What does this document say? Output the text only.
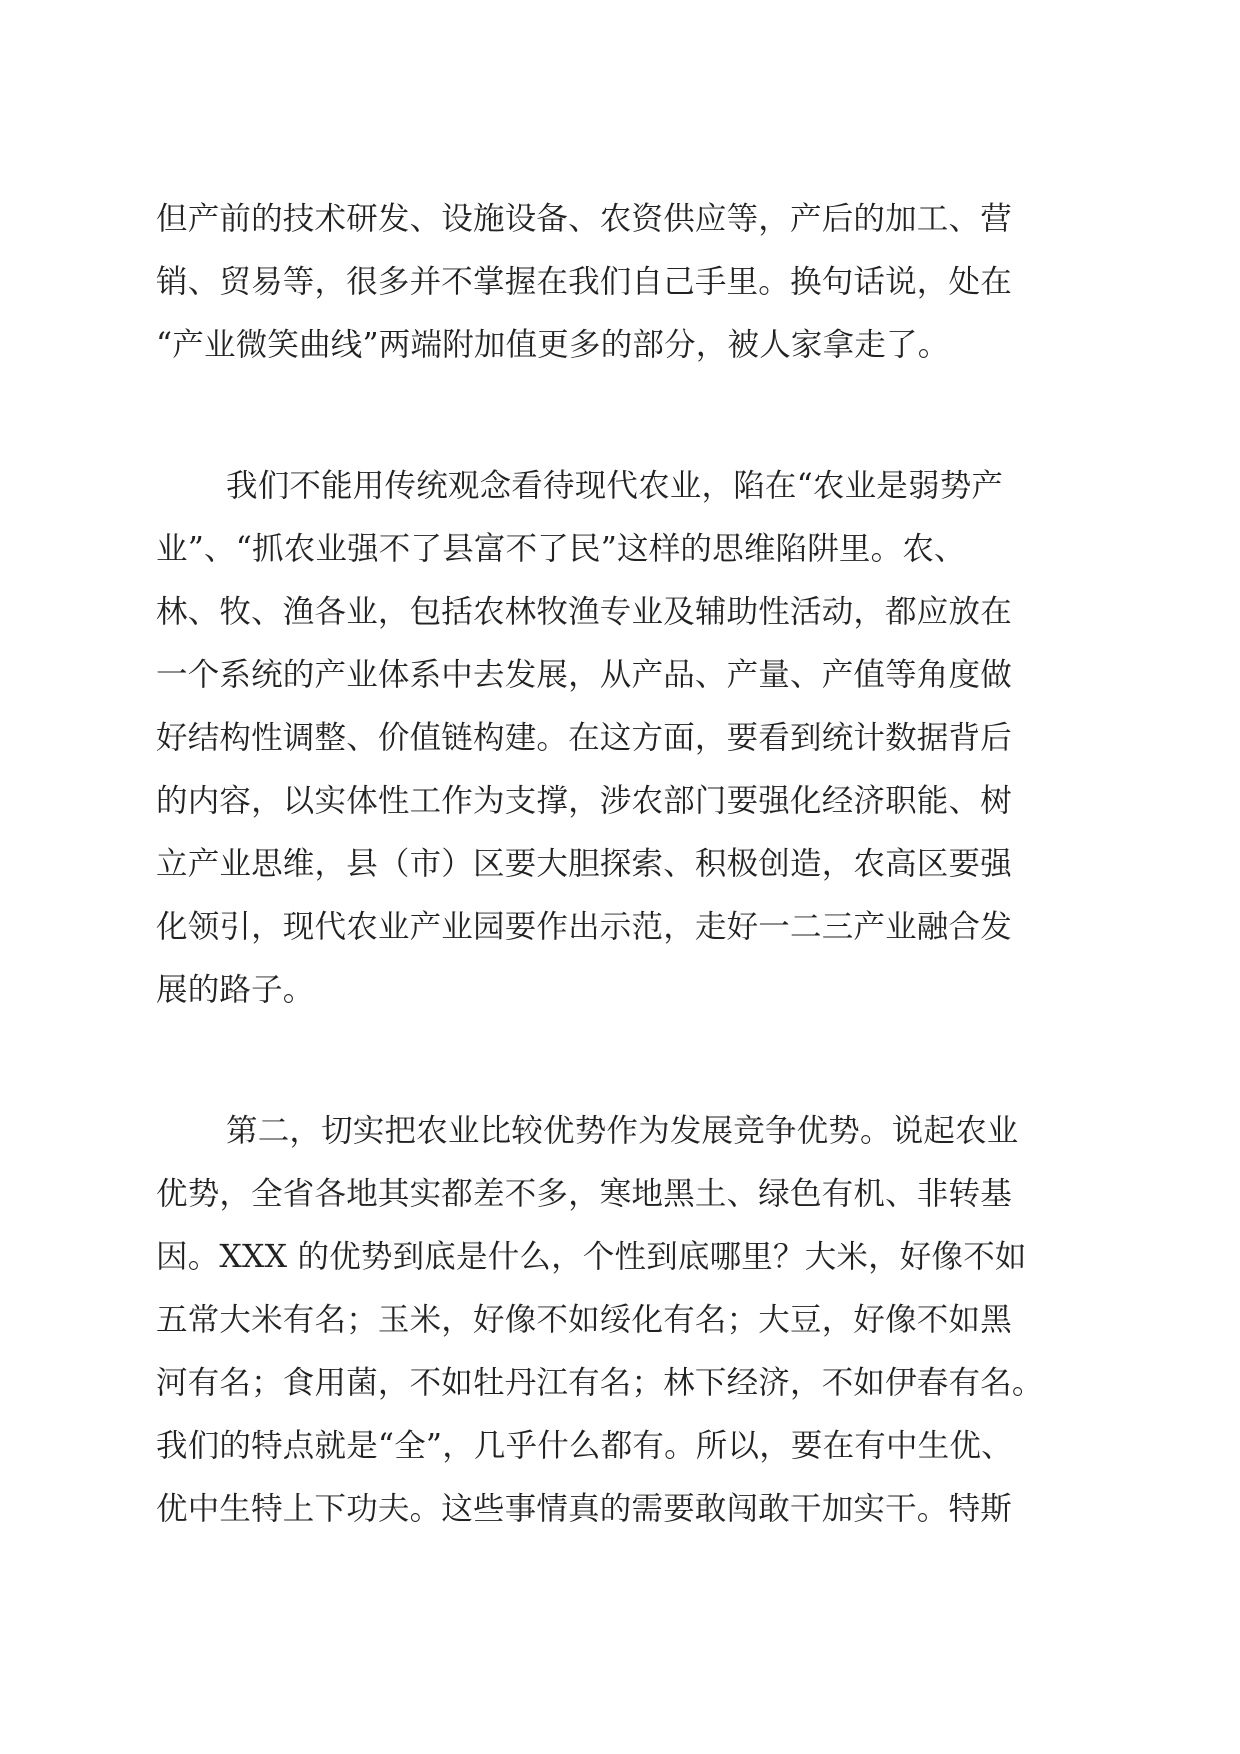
但产前的技术研发、设施设备、农资供应等，产后的加工、营
销、贸易等，很多并不掌握在我们自己手里。换句话说，处在
“产业微笑曲线”两端附加值更多的部分，被人家拿走了。
我们不能用传统观念看待现代农业，陷在“农业是弱势产
业”、“抓农业强不了县富不了民”这样的思维陷阱里。农、
林、牧、渔各业，包括农林牧渔专业及辅助性活动，都应放在
一个系统的产业体系中去发展，从产品、产量、产值等角度做
好结构性调整、价值链构建。在这方面，要看到统计数据背后
的内容，以实体性工作为支撑，涉农部门要强化经济职能、树
立产业思维，县（市）区要大胆探索、积极创造，农高区要强
化领引，现代农业产业园要作出示范，走好一二三产业融合发
展的路子。
第二，切实把农业比较优势作为发展竞争优势。说起农业
优势，全省各地其实都差不多，寒地黑土、绿色有机、非转基
因。XXX 的优势到底是什么，个性到底哪里？大米，好像不如
五常大米有名；玉米，好像不如绥化有名；大豆，好像不如黑
河有名；食用菌，不如牡丹江有名；林下经济，不如伊春有名。
我们的特点就是“全”，几乎什么都有。所以，要在有中生优、
优中生特上下功夫。这些事情真的需要敢闯敢干加实干。特斯
